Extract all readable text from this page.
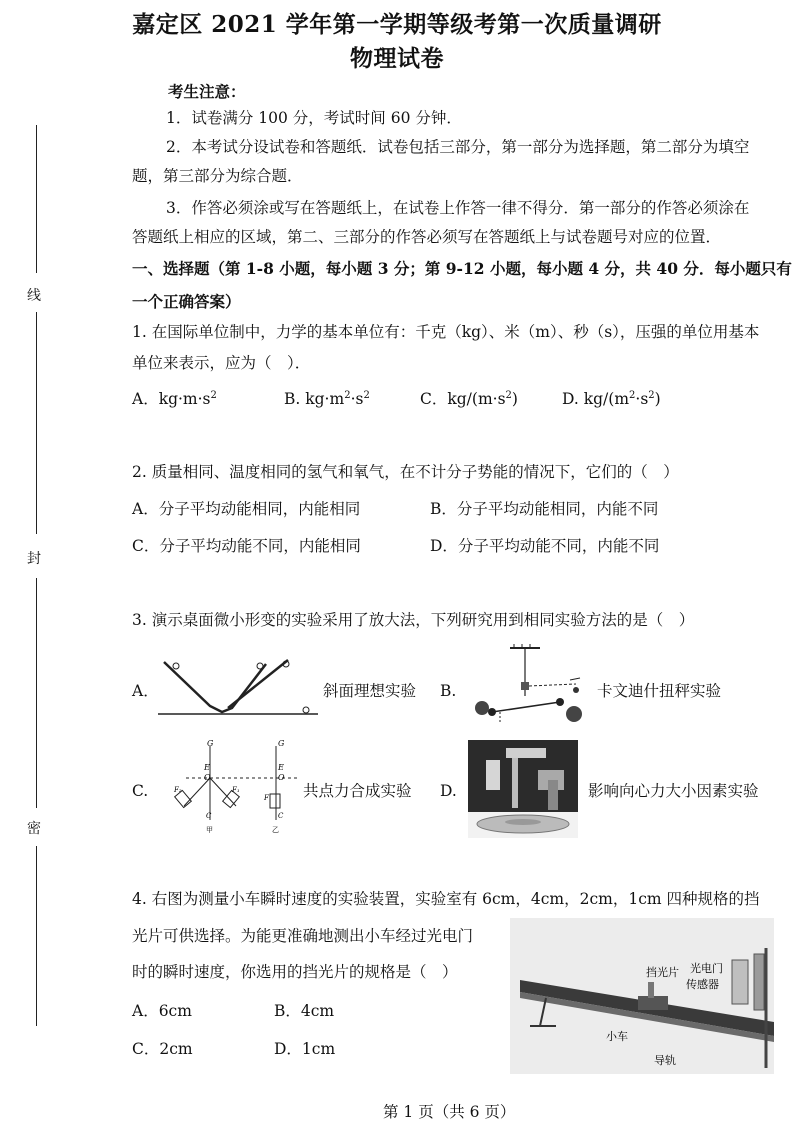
线
封
密
嘉定区 2021 学年第一学期等级考第一次质量调研
物理试卷
考生注意：
1．试卷满分 100 分，考试时间 60 分钟．
2．本考试分设试卷和答题纸．试卷包括三部分，第一部分为选择题，第二部分为填空
题，第三部分为综合题．
3．作答必须涂或写在答题纸上，在试卷上作答一律不得分．第一部分的作答必须涂在
答题纸上相应的区域，第二、三部分的作答必须写在答题纸上与试卷题号对应的位置．
一、选择题（第 1-8 小题，每小题 3 分；第 9-12 小题，每小题 4 分，共 40 分．每小题只有
一个正确答案）
1. 在国际单位制中，力学的基本单位有：千克（kg）、米（m）、秒（s），压强的单位用基本
单位来表示，应为（　）．
A．$kg\cdot m\cdot s^2$	B. $kg\cdot m^2\cdot s^2$	C．$kg/(m\cdot s^2)$	D. $kg/(m^2\cdot s^2)$
2. 质量相同、温度相同的氢气和氧气，在不计分子势能的情况下，它们的（　）
A．分子平均动能相同，内能相同	B．分子平均动能相同，内能不同
C．分子平均动能不同，内能相同	D．分子平均动能不同，内能不同
3. 演示桌面微小形变的实验采用了放大法，下列研究用到相同实验方法的是（　）
A．	斜面理想实验 B.	卡文迪什扭秤实验
C.
G	G
E	E
O	O
F₂	F₁
F
C	C
甲	乙
共点力合成实验 D.	影响向心力大小因素实验
4. 右图为测量小车瞬时速度的实验装置，实验室有 6cm，4cm，2cm，1cm 四种规格的挡
光片可供选择。为能更准确地测出小车经过光电门
时的瞬时速度，你选用的挡光片的规格是（　）
A．6cm	B．4cm
C．2cm	D．1cm
挡光片 光电门
传感器
小车
导轨
第 1 页（共 6 页）
